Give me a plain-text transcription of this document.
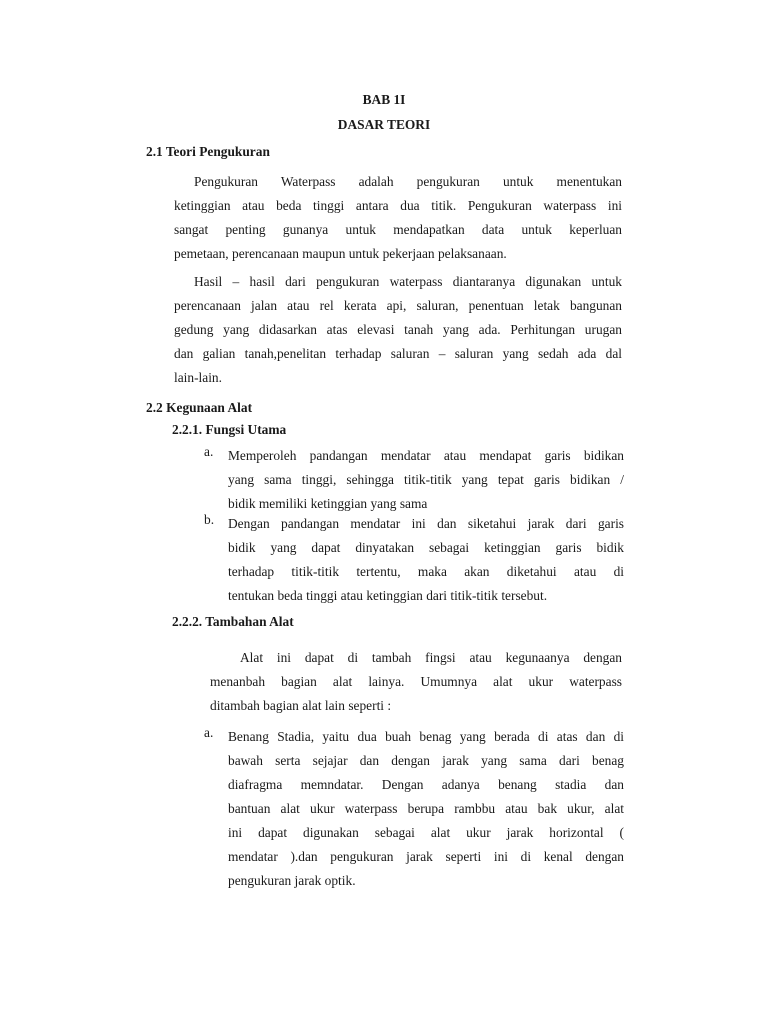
BAB 1I
DASAR TEORI
2.1 Teori Pengukuran
Pengukuran Waterpass adalah pengukuran untuk menentukan
ketinggian atau beda tinggi antara dua titik. Pengukuran waterpass ini
sangat penting gunanya untuk mendapatkan data untuk keperluan
pemetaan, perencanaan maupun untuk pekerjaan pelaksanaan.
Hasil – hasil dari pengukuran waterpass diantaranya digunakan untuk
perencanaan jalan atau rel kerata api, saluran, penentuan letak bangunan
gedung yang didasarkan atas elevasi tanah yang ada. Perhitungan urugan
dan galian tanah,penelitan terhadap saluran – saluran yang sedah ada dal
lain-lain.
2.2 Kegunaan Alat
2.2.1. Fungsi Utama
a. Memperoleh pandangan mendatar atau mendapat garis bidikan
yang sama tinggi, sehingga titik-titik yang tepat garis bidikan /
bidik memiliki ketinggian yang sama
b. Dengan pandangan mendatar ini dan siketahui jarak dari garis
bidik yang dapat dinyatakan sebagai ketinggian garis bidik
terhadap titik-titik tertentu, maka akan diketahui atau di
tentukan beda tinggi atau ketinggian dari titik-titik tersebut.
2.2.2. Tambahan Alat
Alat ini dapat di tambah fingsi atau kegunaanya dengan
menanbah bagian alat lainya. Umumnya alat ukur waterpass
ditambah bagian alat lain seperti :
a. Benang Stadia, yaitu dua buah benag yang berada di atas dan di
bawah serta sejajar dan dengan jarak yang sama dari benag
diafragma memndatar. Dengan adanya benang stadia dan
bantuan alat ukur waterpass berupa rambbu atau bak ukur, alat
ini dapat digunakan sebagai alat ukur jarak horizontal (
mendatar ).dan pengukuran jarak seperti ini di kenal dengan
pengukuran jarak optik.
